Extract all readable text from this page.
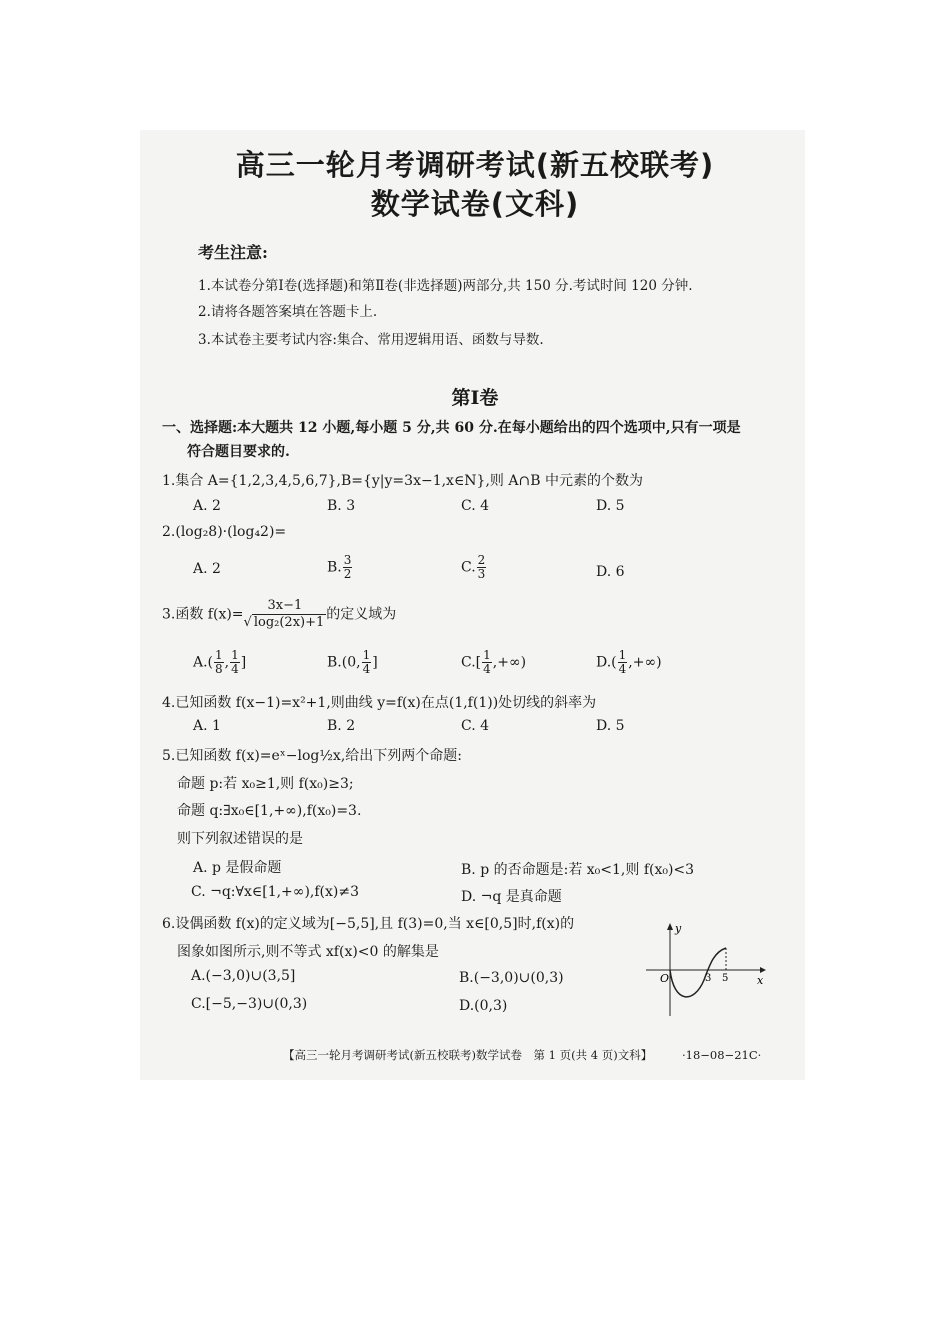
高三一轮月考调研考试(新五校联考)
数学试卷(文科)
考生注意:
1.本试卷分第Ⅰ卷(选择题)和第Ⅱ卷(非选择题)两部分,共 150 分.考试时间 120 分钟.
2.请将各题答案填在答题卡上.
3.本试卷主要考试内容:集合、常用逻辑用语、函数与导数.
第Ⅰ卷
一、选择题:本大题共 12 小题,每小题 5 分,共 60 分.在每小题给出的四个选项中,只有一项是
符合题目要求的.
1.集合 A={1,2,3,4,5,6,7},B={y|y=3x−1,x∈N},则 A∩B 中元素的个数为
A. 2	B. 3	C. 4	D. 5
2.(log₂8)·(log₄2)=
A. 2	B. $\frac{3}{2}$	C. $\frac{2}{3}$	D. 6
3.函数 $f(x)= \frac{3x-1}{\text{√ log₂(2x)+1}}$ 的定义域为
$A.( \frac{1}{8}$ , $\frac{1}{4}$ ]	B.(0, $\frac{1}{4}$ ]	$C.[ \frac{1}{4}$ ,+∞)	$D.( \frac{1}{4}$ ,+∞)
4.已知函数 f(x−1)=x²+1,则曲线 y=f(x)在点(1,f(1))处切线的斜率为
A. 1	B. 2	C. 4	D. 5
5.已知函数 f(x)=eˣ−log½x,给出下列两个命题:
命题 p:若 x₀≥1,则 f(x₀)≥3;
命题 q:∃x₀∈[1,+∞),f(x₀)=3.
则下列叙述错误的是
A. p 是假命题	B. p 的否命题是:若 x₀<1,则 f(x₀)<3
C. ¬q:∀x∈[1,+∞),f(x)≠3	D. ¬q 是真命题
6.设偶函数 f(x)的定义域为[−5,5],且 f(3)=0,当 x∈[0,5]时,f(x)的
图象如图所示,则不等式 xf(x)<0 的解集是
A.(−3,0)∪(3,5]	B.(−3,0)∪(0,3)
C.[−5,−3)∪(0,3)	D.(0,3)
y
x
O	3 5
【高三一轮月考调研考试(新五校联考)数学试卷　第 1 页(共 4 页)文科】	·18−08−21C·
